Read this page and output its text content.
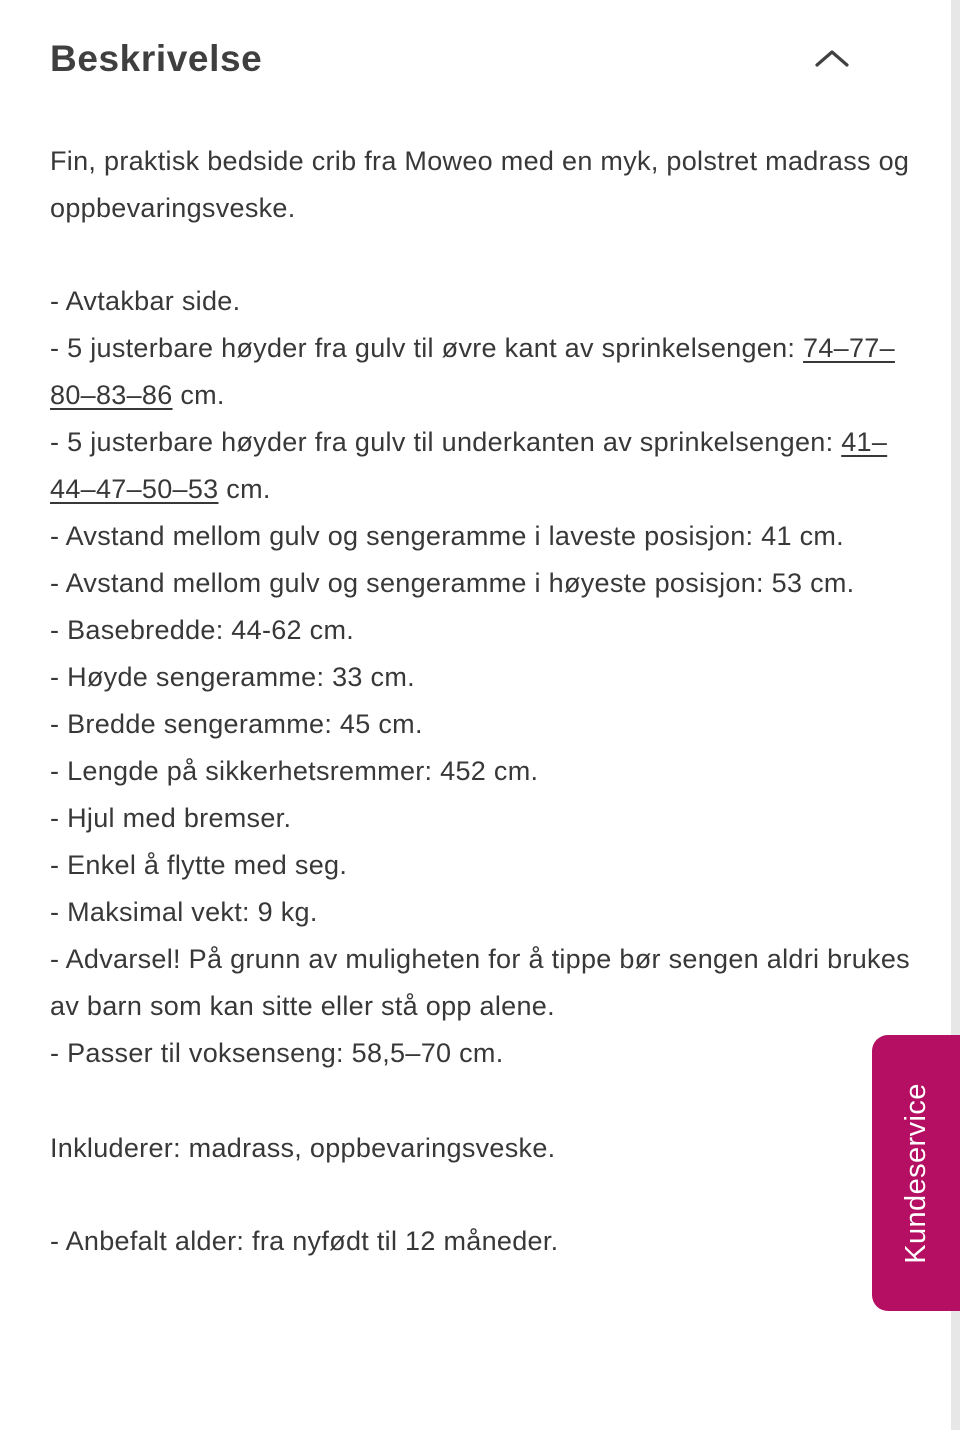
Beskrivelse

Fin, praktisk bedside crib fra Moweo med en myk, polstret madrass og oppbevaringsveske.

- Avtakbar side.

- 5 justerbare høyder fra gulv til øvre kant av sprinkelsengen: 74–77–80–83–86 cm.

- 5 justerbare høyder fra gulv til underkanten av sprinkelsengen: 41–44–47–50–53 cm.

- Avstand mellom gulv og sengeramme i laveste posisjon: 41 cm.

- Avstand mellom gulv og sengeramme i høyeste posisjon: 53 cm.

- Basebredde: 44-62 cm.

- Høyde sengeramme: 33 cm.

- Bredde sengeramme: 45 cm.

- Lengde på sikkerhetsremmer: 452 cm.

- Hjul med bremser.

- Enkel å flytte med seg.

- Maksimal vekt: 9 kg.

- Advarsel! På grunn av muligheten for å tippe bør sengen aldri brukes av barn som kan sitte eller stå opp alene.

- Passer til voksenseng: 58,5–70 cm.

Inkluderer: madrass, oppbevaringsveske.

- Anbefalt alder: fra nyfødt til 12 måneder.	Kundeservice
